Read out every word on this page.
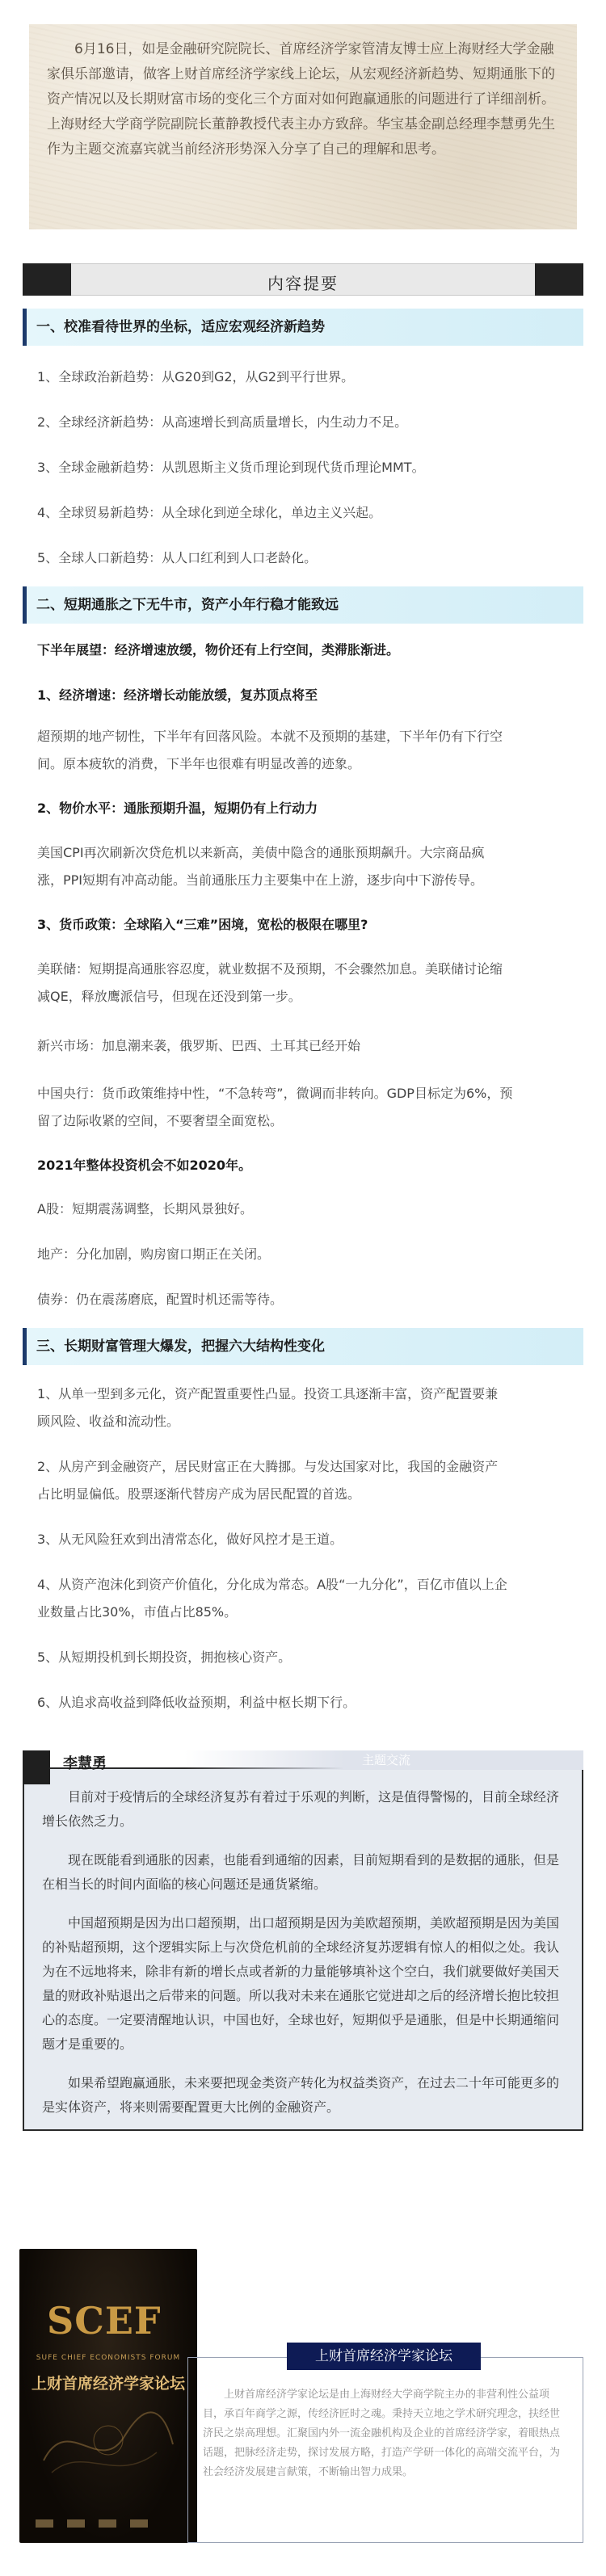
6月16日，如是金融研究院院长、首席经济学家管清友博士应上海财经大学金融家俱乐部邀请，做客上财首席经济学家线上论坛，从宏观经济新趋势、短期通胀下的资产情况以及长期财富市场的变化三个方面对如何跑赢通胀的问题进行了详细剖析。上海财经大学商学院副院长董静教授代表主办方致辞。华宝基金副总经理李慧勇先生作为主题交流嘉宾就当前经济形势深入分享了自己的理解和思考。

内容提要
一、校准看待世界的坐标，适应宏观经济新趋势
1、全球政治新趋势：从G20到G2，从G2到平行世界。
2、全球经济新趋势：从高速增长到高质量增长，内生动力不足。
3、全球金融新趋势：从凯恩斯主义货币理论到现代货币理论MMT。
4、全球贸易新趋势：从全球化到逆全球化，单边主义兴起。
5、全球人口新趋势：从人口红利到人口老龄化。
二、短期通胀之下无牛市，资产小年行稳才能致远
下半年展望：经济增速放缓，物价还有上行空间，类滞胀渐进。
1、经济增速：经济增长动能放缓，复苏顶点将至
超预期的地产韧性，下半年有回落风险。本就不及预期的基建，下半年仍有下行空
间。原本疲软的消费，下半年也很难有明显改善的迹象。
2、物价水平：通胀预期升温，短期仍有上行动力
美国CPI再次刷新次贷危机以来新高，美债中隐含的通胀预期飙升。大宗商品疯
涨，PPI短期有冲高动能。当前通胀压力主要集中在上游，逐步向中下游传导。
3、货币政策：全球陷入“三难”困境，宽松的极限在哪里?
美联储：短期提高通胀容忍度，就业数据不及预期，不会骤然加息。美联储讨论缩
减QE，释放鹰派信号，但现在还没到第一步。
新兴市场：加息潮来袭，俄罗斯、巴西、土耳其已经开始
中国央行：货币政策维持中性，“不急转弯”，微调而非转向。GDP目标定为6%，预
留了边际收紧的空间，不要奢望全面宽松。
2021年整体投资机会不如2020年。
A股：短期震荡调整，长期风景独好。
地产：分化加剧，购房窗口期正在关闭。
债券：仍在震荡磨底，配置时机还需等待。
三、长期财富管理大爆发，把握六大结构性变化
1、从单一型到多元化，资产配置重要性凸显。投资工具逐渐丰富，资产配置要兼
顾风险、收益和流动性。
2、从房产到金融资产，居民财富正在大腾挪。与发达国家对比，我国的金融资产
占比明显偏低。股票逐渐代替房产成为居民配置的首选。
3、从无风险狂欢到出清常态化，做好风控才是王道。
4、从资产泡沫化到资产价值化，分化成为常态。A股“一九分化”，百亿市值以上企
业数量占比30%，市值占比85%。
5、从短期投机到长期投资，拥抱核心资产。
6、从追求高收益到降低收益预期，利益中枢长期下行。

目前对于疫情后的全球经济复苏有着过于乐观的判断，这是值得警惕的，目前全球经济增长依然乏力。

现在既能看到通胀的因素，也能看到通缩的因素，目前短期看到的是数据的通胀，但是在相当长的时间内面临的核心问题还是通货紧缩。

中国超预期是因为出口超预期，出口超预期是因为美欧超预期，美欧超预期是因为美国的补贴超预期，这个逻辑实际上与次贷危机前的全球经济复苏逻辑有惊人的相似之处。我认为在不远地将来，除非有新的增长点或者新的力量能够填补这个空白，我们就要做好美国天量的财政补贴退出之后带来的问题。所以我对未来在通胀它觉进却之后的经济增长抱比较担心的态度。一定要清醒地认识，中国也好，全球也好，短期似乎是通胀，但是中长期通缩问题才是重要的。

如果希望跑赢通胀，未来要把现金类资产转化为权益类资产，在过去二十年可能更多的是实体资产，将来则需要配置更大比例的金融资产。

李慧勇	主题交流
SCEF
SUFE CHIEF ECONOMISTS FORUM
上财首席经济学家论坛

上财首席经济学家论坛是由上海财经大学商学院主办的非营利性公益项目，承百年商学之源，传经济匠时之魂。秉持天立地之学术研究理念，扶经世济民之崇高理想。汇聚国内外一流金融机构及企业的首席经济学家，着眼热点话题，把脉经济走势，探讨发展方略，打造产学研一体化的高端交流平台，为社会经济发展建言献策，不断输出智力成果。

上财首席经济学家论坛
